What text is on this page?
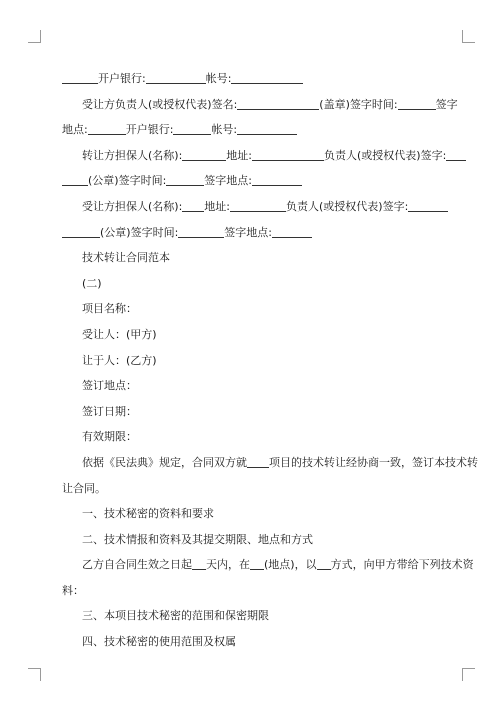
开户银行:	帐号:

受让方负责人(或授权代表)签名:	(盖章)签字时间:	签字

地点:	开户银行:	帐号:

转让方担保人(名称):	地址:	负责人(或授权代表)签字:

(公章)签字时间:	签字地点:

受让方担保人(名称): 地址:	负责人(或授权代表)签字:

(公章)签字时间:	签字地点:

技术转让合同范本

(二)

项目名称：

受让人：(甲方)

让于人：(乙方)

签订地点：

签订日期：

有效期限：

依据《民法典》规定，合同双方就 项目的技术转让经协商一致，签订本技术转

让合同。

一、技术秘密的资料和要求

二、技术情报和资料及其提交期限、地点和方式

乙方自合同生效之日起 天内，在 (地点)，以 方式，向甲方带给下列技术资

料：

三、本项目技术秘密的范围和保密期限

四、技术秘密的使用范围及权属
